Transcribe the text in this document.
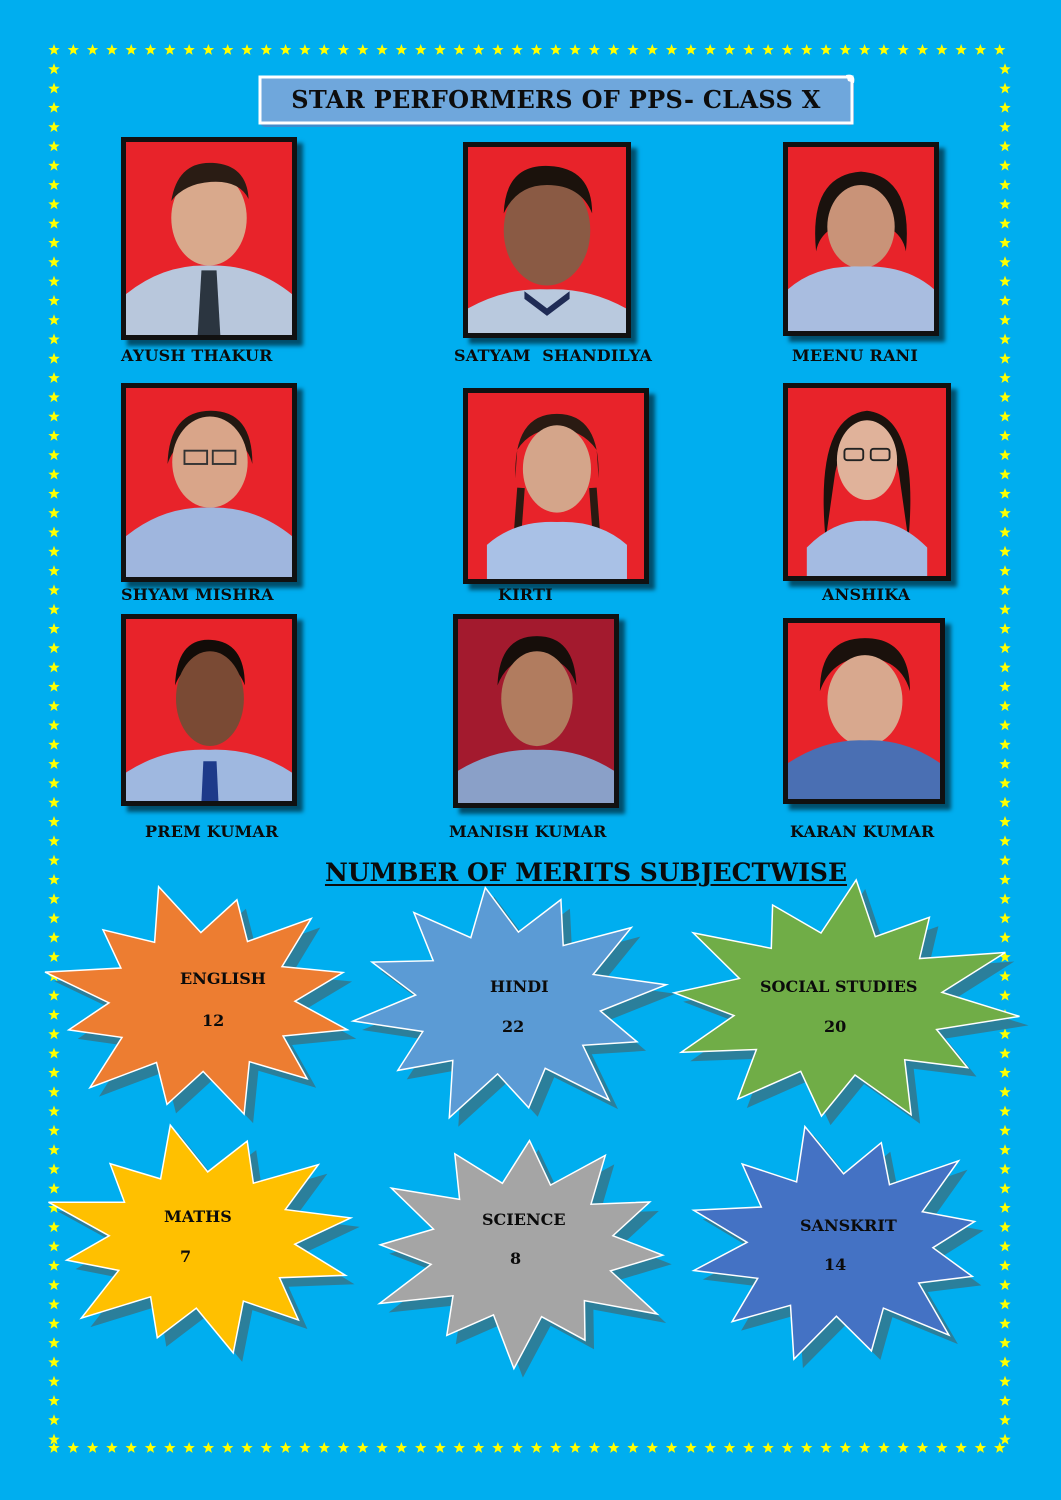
STAR PERFORMERS OF PPS- CLASS X
AYUSH THAKUR	SATYAM  SHANDILYA	MEENU RANI
SHYAM MISHRA	KIRTI	ANSHIKA
PREM KUMAR	MANISH KUMAR	KARAN KUMAR
NUMBER OF MERITS SUBJECTWISE
ENGLISH
12
HINDI
22
SOCIAL STUDIES
20
MATHS
7
SCIENCE
8
SANSKRIT
14
